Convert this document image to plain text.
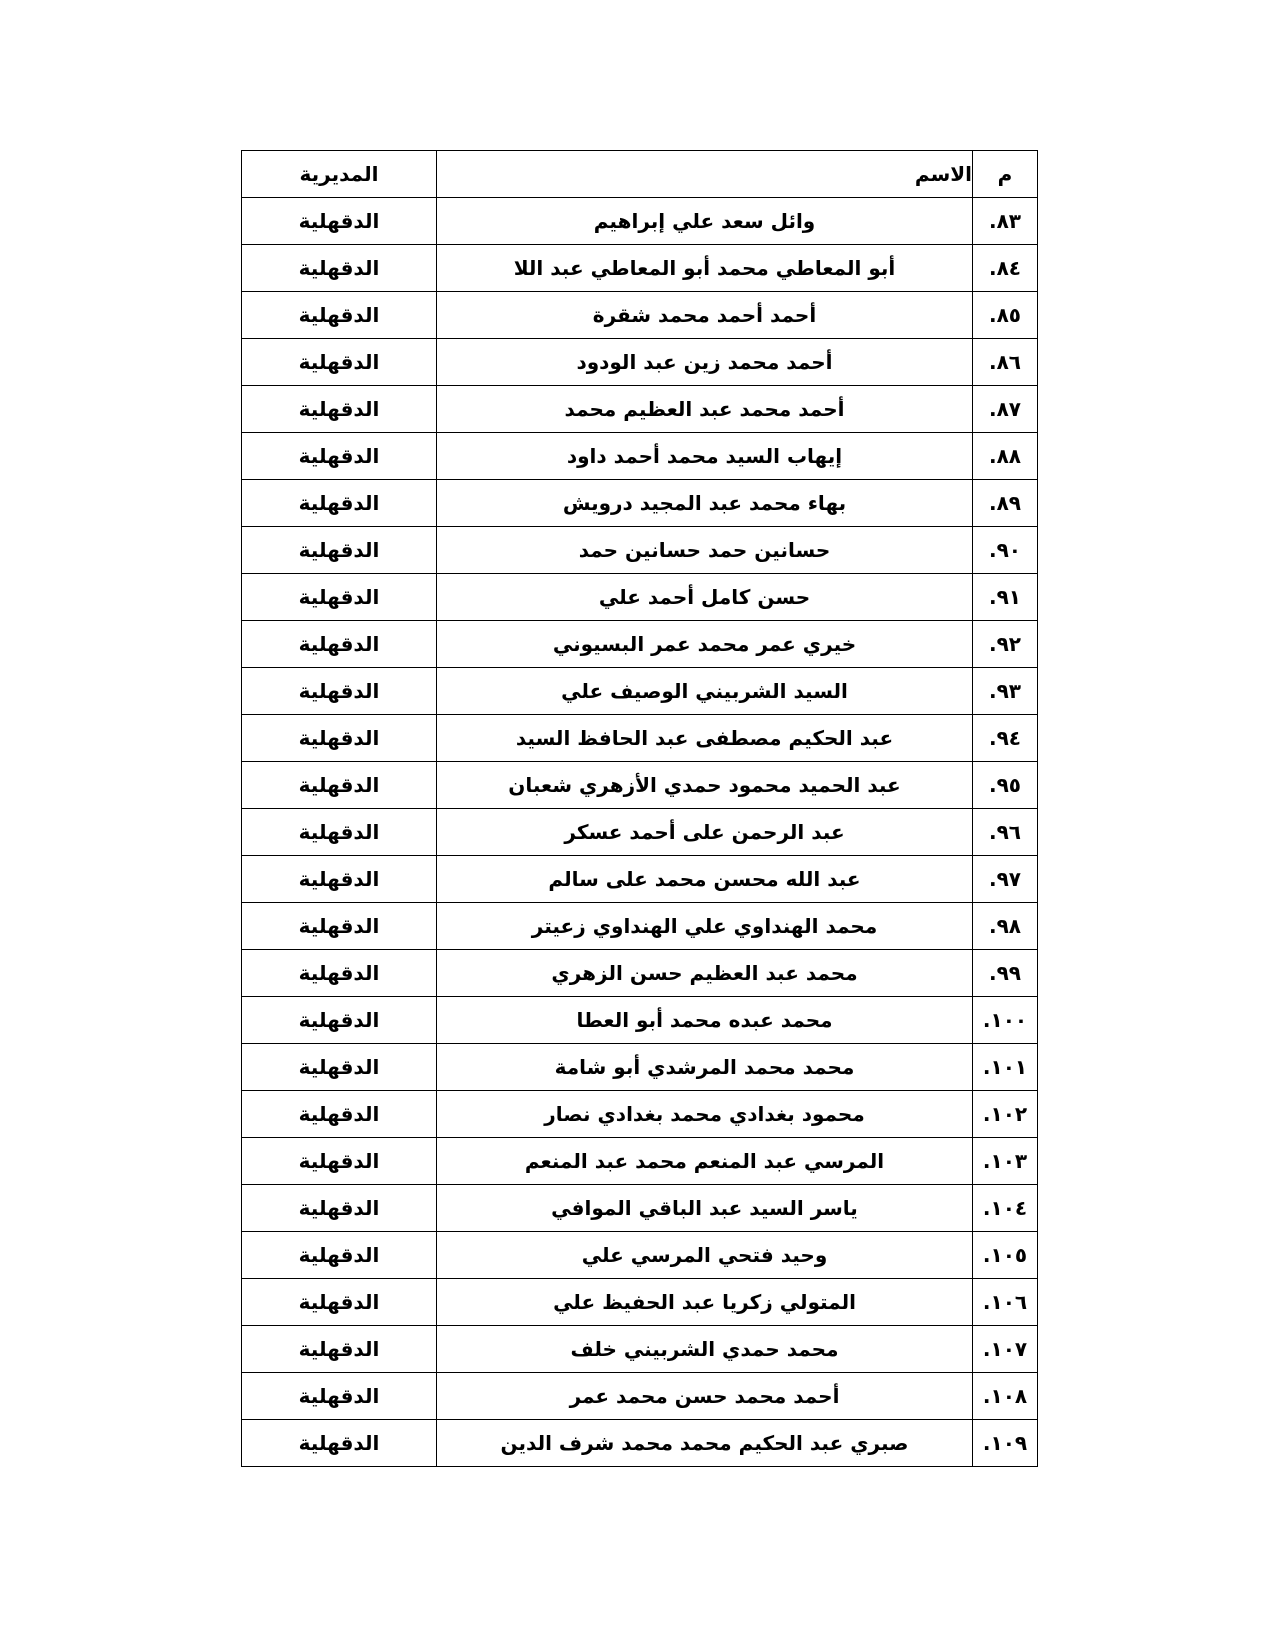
م	الاسم	المديرية
٨٣.	وائل سعد علي إبراهيم	الدقهلية
٨٤.	أبو المعاطي محمد أبو المعاطي عبد اللا	الدقهلية
٨٥.	أحمد أحمد محمد شقرة	الدقهلية
٨٦.	أحمد محمد زين عبد الودود	الدقهلية
٨٧.	أحمد محمد عبد العظيم محمد	الدقهلية
٨٨.	إيهاب السيد محمد أحمد داود	الدقهلية
٨٩.	بهاء محمد عبد المجيد درويش	الدقهلية
٩٠.	حسانين حمد حسانين حمد	الدقهلية
٩١.	حسن كامل أحمد علي	الدقهلية
٩٢.	خيري عمر محمد عمر البسيوني	الدقهلية
٩٣.	السيد الشربيني الوصيف علي	الدقهلية
٩٤.	عبد الحكيم مصطفى عبد الحافظ السيد	الدقهلية
٩٥.	عبد الحميد محمود حمدي الأزهري شعبان	الدقهلية
٩٦.	عبد الرحمن على أحمد عسكر	الدقهلية
٩٧.	عبد الله محسن محمد على سالم	الدقهلية
٩٨.	محمد الهنداوي علي الهنداوي زعيتر	الدقهلية
٩٩.	محمد عبد العظيم حسن الزهري	الدقهلية
١٠٠.	محمد عبده محمد أبو العطا	الدقهلية
١٠١.	محمد محمد المرشدي أبو شامة	الدقهلية
١٠٢.	محمود بغدادي محمد بغدادي نصار	الدقهلية
١٠٣.	المرسي عبد المنعم محمد عبد المنعم	الدقهلية
١٠٤.	ياسر السيد عبد الباقي الموافي	الدقهلية
١٠٥.	وحيد فتحي المرسي علي	الدقهلية
١٠٦.	المتولي زكريا عبد الحفيظ علي	الدقهلية
١٠٧.	محمد حمدي الشربيني خلف	الدقهلية
١٠٨.	أحمد محمد حسن محمد عمر	الدقهلية
١٠٩.	صبري عبد الحكيم محمد محمد شرف الدين	الدقهلية
